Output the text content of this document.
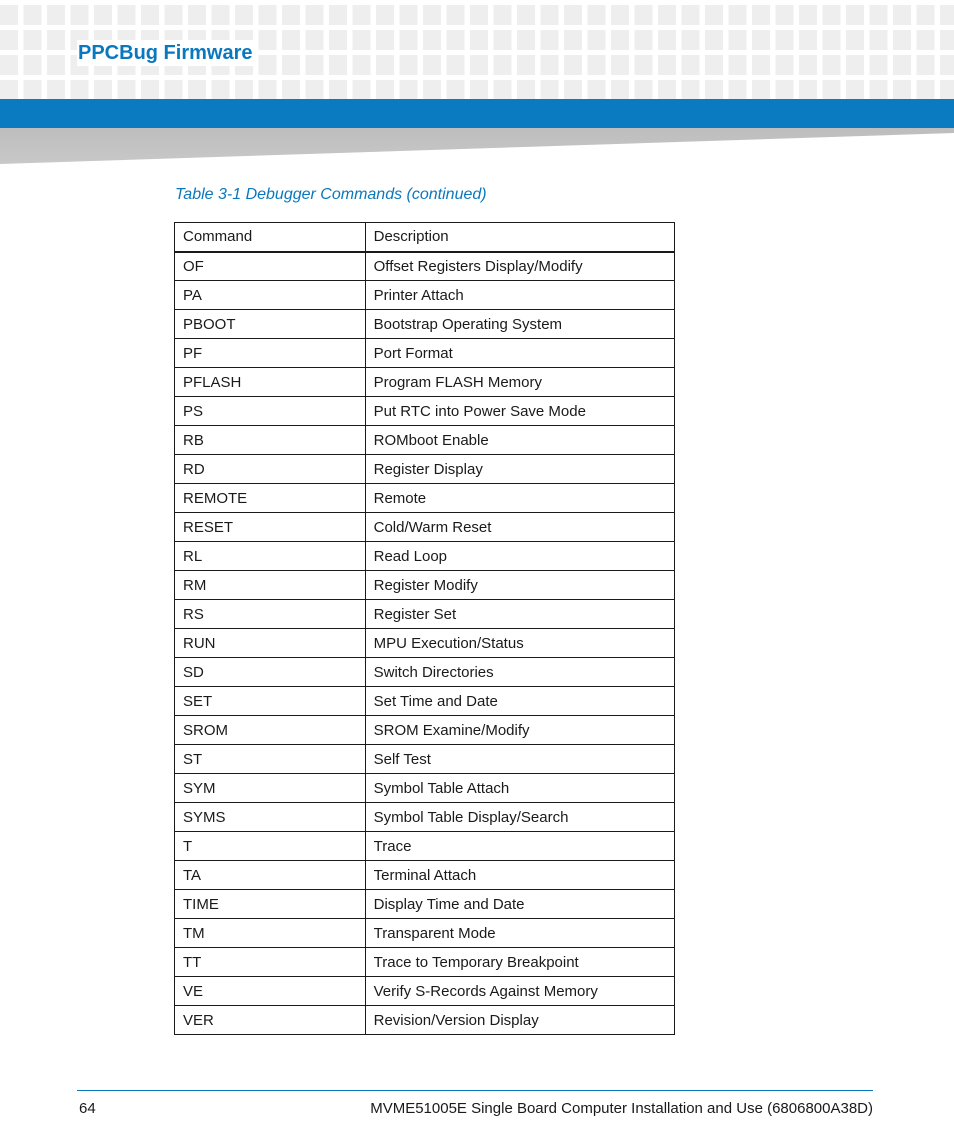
PPCBug Firmware

Table 3-1 Debugger Commands (continued)

Command	Description
OF	Offset Registers Display/Modify
PA	Printer Attach
PBOOT	Bootstrap Operating System
PF	Port Format
PFLASH	Program FLASH Memory
PS	Put RTC into Power Save Mode
RB	ROMboot Enable
RD	Register Display
REMOTE	Remote
RESET	Cold/Warm Reset
RL	Read Loop
RM	Register Modify
RS	Register Set
RUN	MPU Execution/Status
SD	Switch Directories
SET	Set Time and Date
SROM	SROM Examine/Modify
ST	Self Test
SYM	Symbol Table Attach
SYMS	Symbol Table Display/Search
T	Trace
TA	Terminal Attach
TIME	Display Time and Date
TM	Transparent Mode
TT	Trace to Temporary Breakpoint
VE	Verify S-Records Against Memory
VER	Revision/Version Display
64	MVME51005E Single Board Computer Installation and Use (6806800A38D)
